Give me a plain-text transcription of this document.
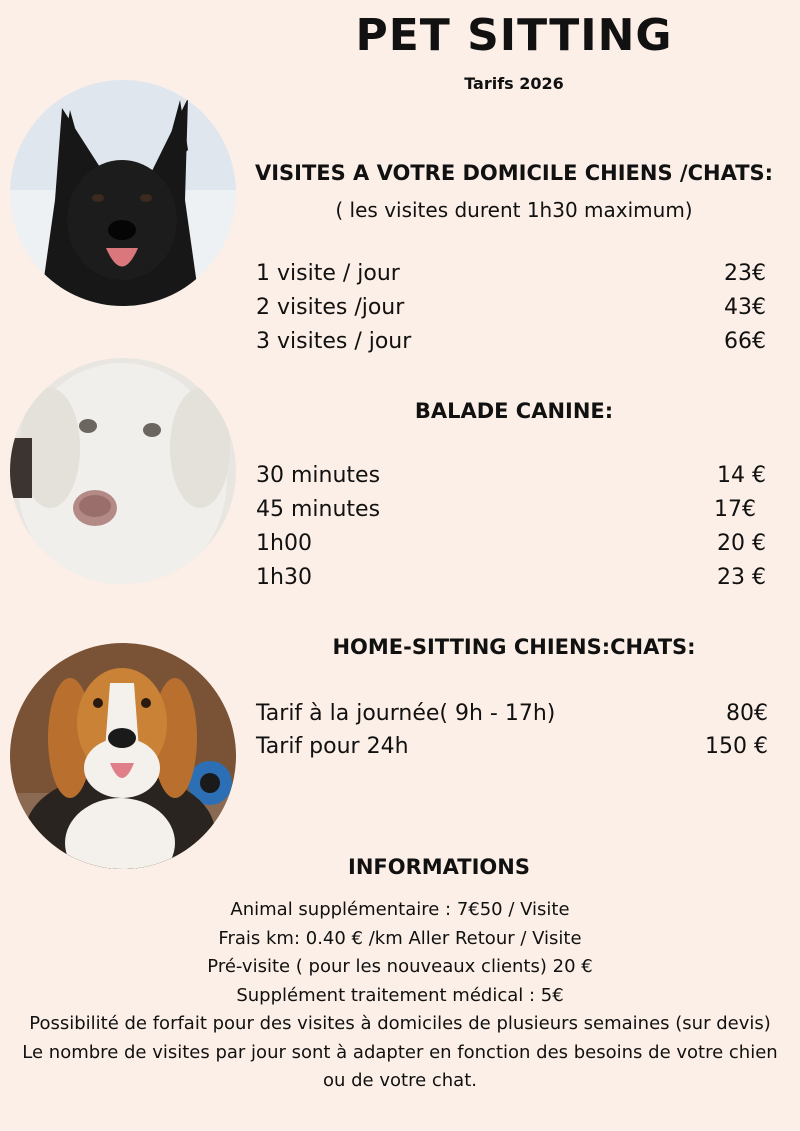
PET SITTING
Tarifs 2026
VISITES A VOTRE DOMICILE CHIENS /CHATS:
( les visites durent 1h30 maximum)
1 visite / jour	23€
2 visites /jour	43€
3 visites / jour	66€
BALADE CANINE:
30 minutes	14 €
45 minutes	17€
1h00	20 €
1h30	23 €
HOME-SITTING CHIENS:CHATS:
Tarif à la journée( 9h - 17h)	80€
Tarif pour 24h	150 €
INFORMATIONS
Animal supplémentaire : 7€50 / Visite
Frais km: 0.40 € /km Aller Retour / Visite
Pré-visite ( pour les nouveaux clients) 20 €
Supplément traitement médical : 5€
Possibilité de forfait pour des visites à domiciles de plusieurs semaines (sur devis)
Le nombre de visites par jour sont à adapter en fonction des besoins de votre chien ou de votre chat.
